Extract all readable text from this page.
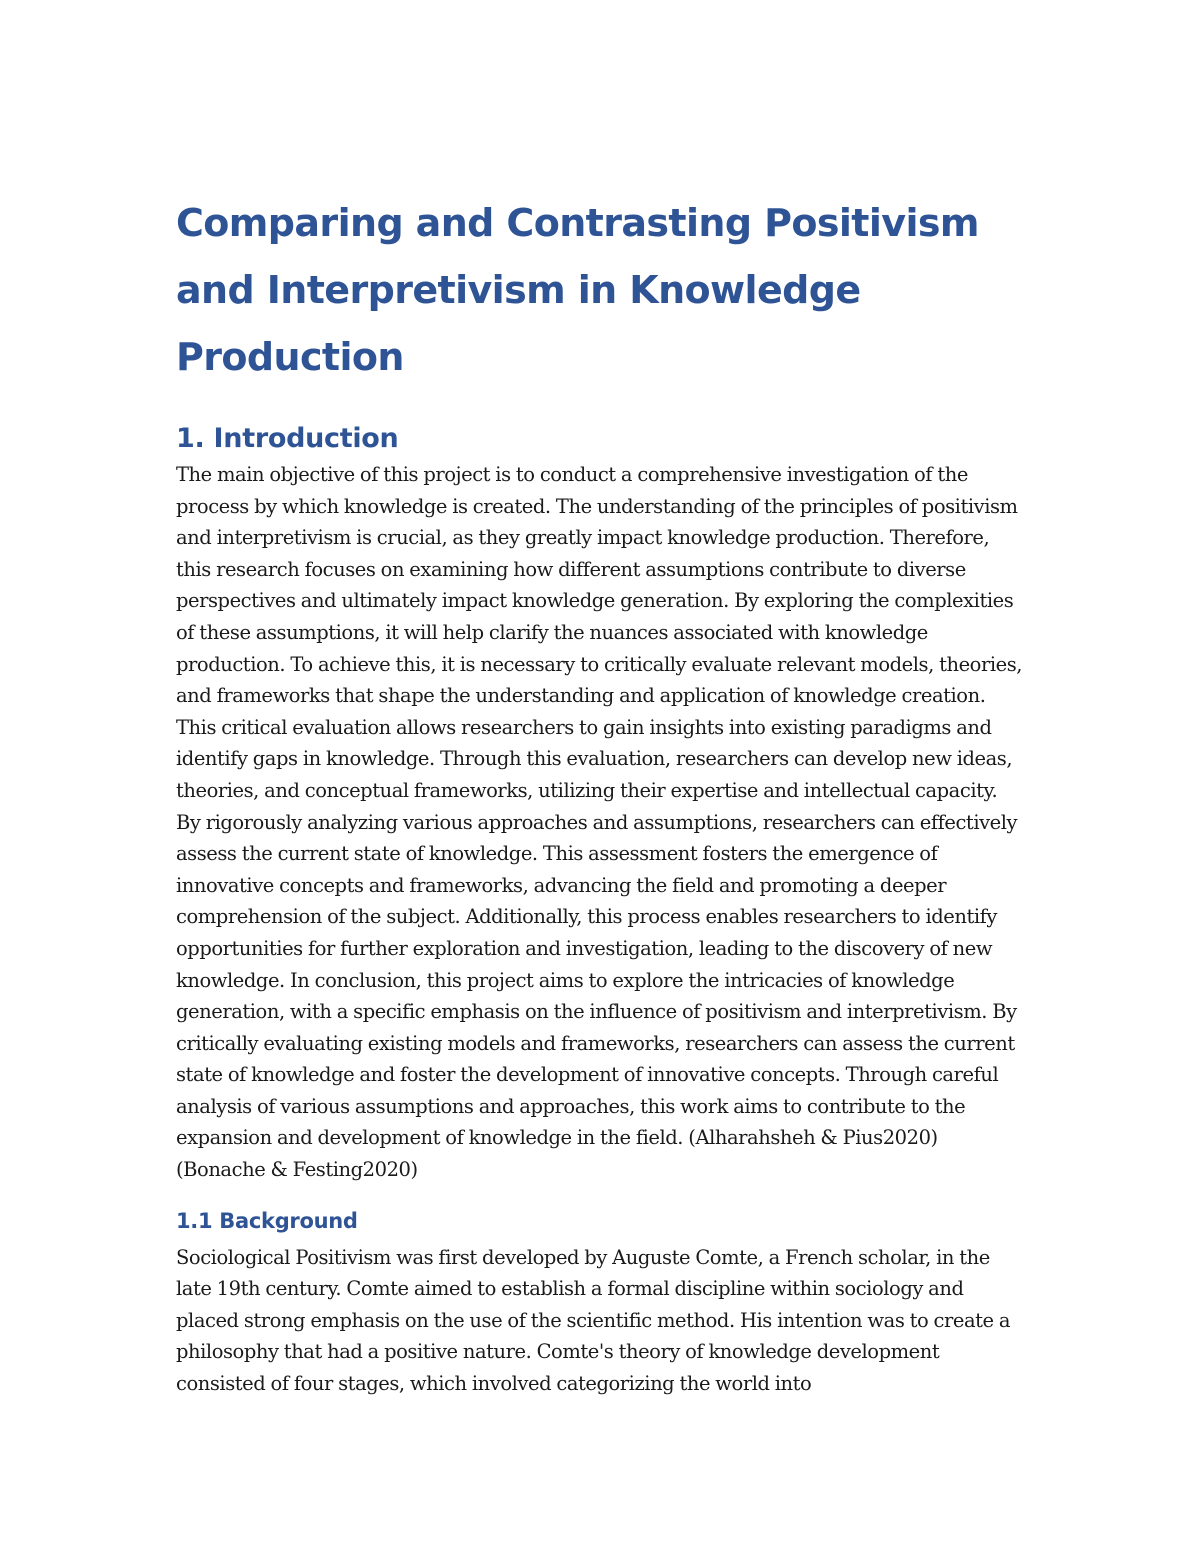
Comparing and Contrasting Positivism and Interpretivism in Knowledge Production
1. Introduction

The main objective of this project is to conduct a comprehensive investigation of the process by which knowledge is created. The understanding of the principles of positivism and interpretivism is crucial, as they greatly impact knowledge production. Therefore, this research focuses on examining how different assumptions contribute to diverse perspectives and ultimately impact knowledge generation. By exploring the complexities of these assumptions, it will help clarify the nuances associated with knowledge production. To achieve this, it is necessary to critically evaluate relevant models, theories, and frameworks that shape the understanding and application of knowledge creation. This critical evaluation allows researchers to gain insights into existing paradigms and identify gaps in knowledge. Through this evaluation, researchers can develop new ideas, theories, and conceptual frameworks, utilizing their expertise and intellectual capacity. By rigorously analyzing various approaches and assumptions, researchers can effectively assess the current state of knowledge. This assessment fosters the emergence of innovative concepts and frameworks, advancing the field and promoting a deeper comprehension of the subject. Additionally, this process enables researchers to identify opportunities for further exploration and investigation, leading to the discovery of new knowledge. In conclusion, this project aims to explore the intricacies of knowledge generation, with a specific emphasis on the influence of positivism and interpretivism. By critically evaluating existing models and frameworks, researchers can assess the current state of knowledge and foster the development of innovative concepts. Through careful analysis of various assumptions and approaches, this work aims to contribute to the expansion and development of knowledge in the field. (Alharahsheh & Pius2020) (Bonache & Festing2020)

1.1 Background

Sociological Positivism was first developed by Auguste Comte, a French scholar, in the late 19th century. Comte aimed to establish a formal discipline within sociology and placed strong emphasis on the use of the scientific method. His intention was to create a philosophy that had a positive nature. Comte's theory of knowledge development consisted of four stages, which involved categorizing the world into
